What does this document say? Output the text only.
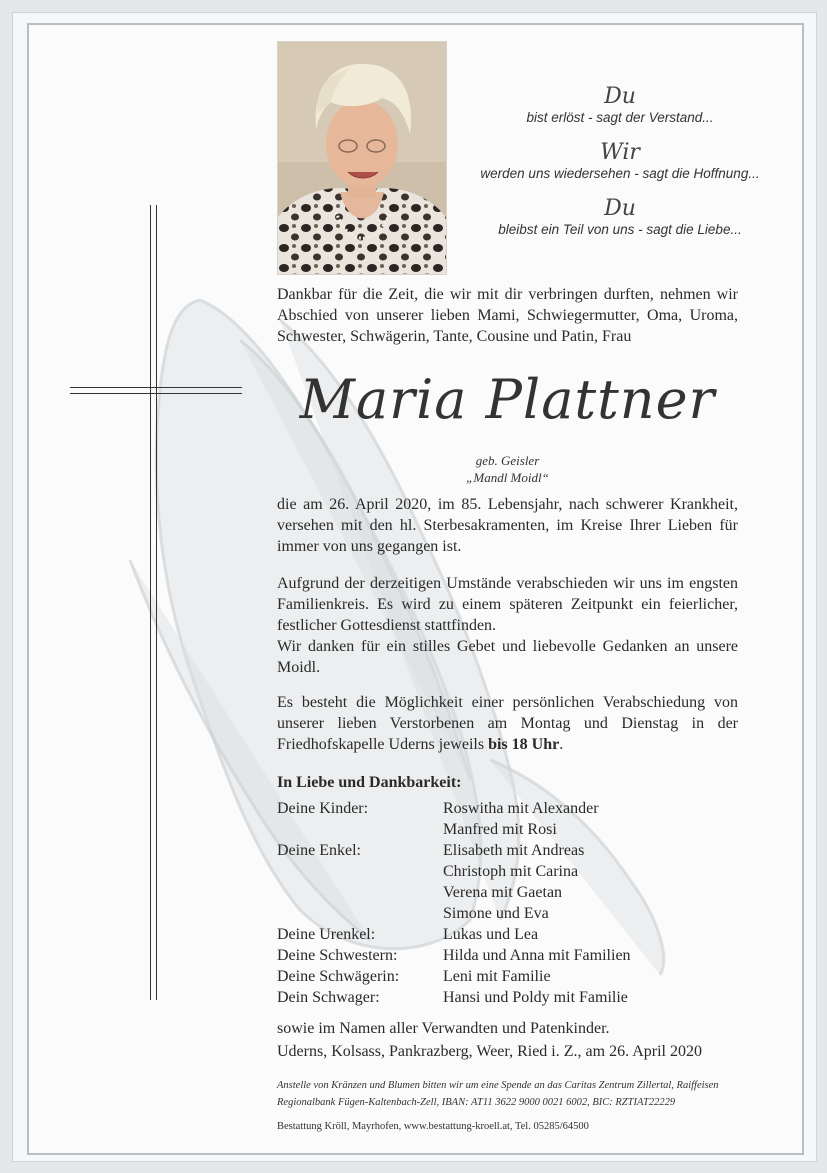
Du
bist erlöst - sagt der Verstand...
Wir
werden uns wiedersehen - sagt die Hoffnung...
Du
bleibst ein Teil von uns - sagt die Liebe...
Dankbar für die Zeit, die wir mit dir verbringen durften, nehmen wir Abschied von unserer lieben Mami, Schwiegermutter, Oma, Uroma, Schwester, Schwägerin, Tante, Cousine und Patin, Frau
Maria Plattner
geb. Geisler
„Mandl Moidl“
die am 26. April 2020, im 85. Lebensjahr, nach schwerer Krankheit, versehen mit den hl. Sterbesakramenten, im Kreise Ihrer Lieben für immer von uns gegangen ist.
Aufgrund der derzeitigen Umstände verabschieden wir uns im engsten Familienkreis. Es wird zu einem späteren Zeitpunkt ein feierlicher, festlicher Gottesdienst stattfinden.
Wir danken für ein stilles Gebet und liebevolle Gedanken an unsere Moidl.
Es besteht die Möglichkeit einer persönlichen Verabschiedung von unserer lieben Verstorbenen am Montag und Dienstag in der Friedhofskapelle Uderns jeweils bis 18 Uhr.
In Liebe und Dankbarkeit:
Deine Kinder:	Roswitha mit Alexander
Manfred mit Rosi
Deine Enkel:	Elisabeth mit Andreas
Christoph mit Carina
Verena mit Gaetan
Simone und Eva
Deine Urenkel:	Lukas und Lea
Deine Schwestern:	Hilda und Anna mit Familien
Deine Schwägerin:	Leni mit Familie
Dein Schwager:	Hansi und Poldy mit Familie
sowie im Namen aller Verwandten und Patenkinder.
Uderns, Kolsass, Pankrazberg, Weer, Ried i. Z., am 26. April 2020
Anstelle von Kränzen und Blumen bitten wir um eine Spende an das Caritas Zentrum Zillertal, Raiffeisen Regionalbank Fügen-Kaltenbach-Zell, IBAN: AT11 3622 9000 0021 6002, BIC: RZTIAT22229
Bestattung Kröll, Mayrhofen, www.bestattung-kroell.at, Tel. 05285/64500
